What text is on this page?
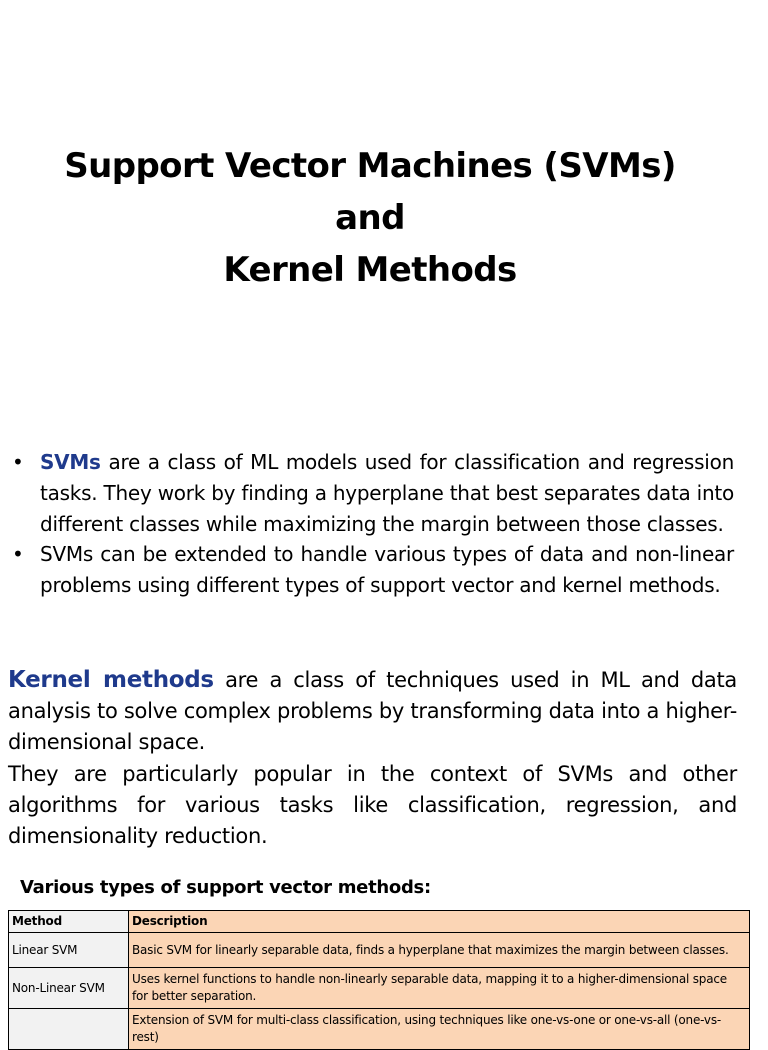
Support Vector Machines (SVMs)
and
Kernel Methods
• SVMs are a class of ML models used for classification and regression tasks. They work by finding a hyperplane that best separates data into different classes while maximizing the margin between those classes.
• SVMs can be extended to handle various types of data and non-linear problems using different types of support vector and kernel methods.

Kernel methods are a class of techniques used in ML and data analysis to solve complex problems by transforming data into a higher-dimensional space.

They are particularly popular in the context of SVMs and other algorithms for various tasks like classification, regression, and dimensionality reduction.

Various types of support vector methods:
Method	Description
Linear SVM	Basic SVM for linearly separable data, finds a hyperplane that maximizes the margin between classes.
Non-Linear SVM	Uses kernel functions to handle non-linearly separable data, mapping it to a higher-dimensional space for better separation.
	Extension of SVM for multi-class classification, using techniques like one-vs-one or one-vs-all (one-vs-rest)
